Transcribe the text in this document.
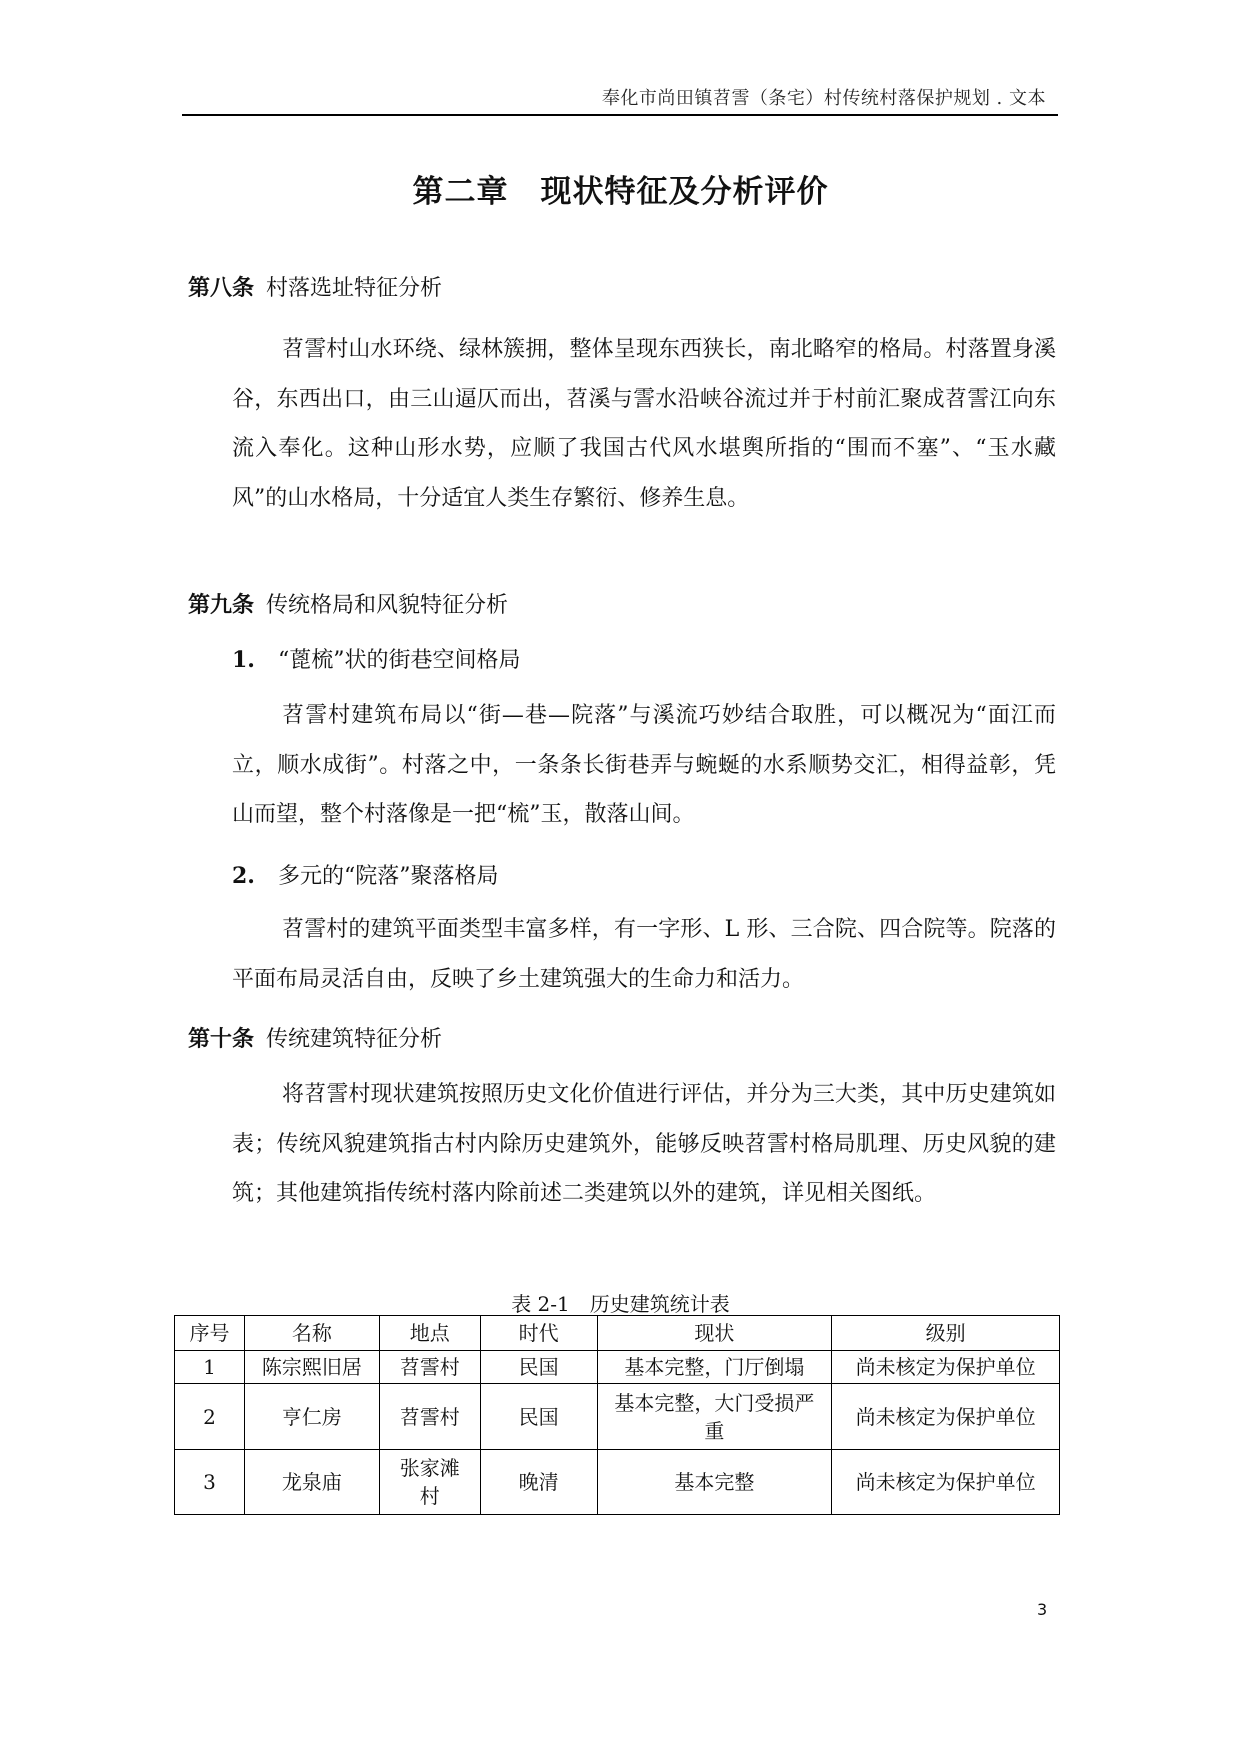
奉化市尚田镇苕霅（条宅）村传统村落保护规划 . 文本
第二章　现状特征及分析评价
第八条 村落选址特征分析

苕霅村山水环绕、绿林簇拥，整体呈现东西狭长，南北略窄的格局。村落置身溪谷，东西出口，由三山逼仄而出，苕溪与霅水沿峡谷流过并于村前汇聚成苕霅江向东流入奉化。这种山形水势，应顺了我国古代风水堪舆所指的“围而不塞”、“玉水藏风”的山水格局，十分适宜人类生存繁衍、修养生息。

第九条 传统格局和风貌特征分析
1. “蓖梳”状的街巷空间格局

苕霅村建筑布局以“街—巷—院落”与溪流巧妙结合取胜，可以概况为“面江而立，顺水成街”。村落之中，一条条长街巷弄与蜿蜒的水系顺势交汇，相得益彰，凭山而望，整个村落像是一把“梳”玉，散落山间。

2. 多元的“院落”聚落格局

苕霅村的建筑平面类型丰富多样，有一字形、L 形、三合院、四合院等。院落的平面布局灵活自由，反映了乡土建筑强大的生命力和活力。

第十条 传统建筑特征分析

将苕霅村现状建筑按照历史文化价值进行评估，并分为三大类，其中历史建筑如表；传统风貌建筑指古村内除历史建筑外，能够反映苕霅村格局肌理、历史风貌的建筑；其他建筑指传统村落内除前述二类建筑以外的建筑，详见相关图纸。

表 2-1　历史建筑统计表
序号	名称	地点	时代	现状	级别
1	陈宗熙旧居	苕霅村	民国	基本完整，门厅倒塌	尚未核定为保护单位
2	亨仁房	苕霅村	民国	基本完整，大门受损严重	尚未核定为保护单位
3	龙泉庙	张家滩村	晚清	基本完整	尚未核定为保护单位
3
